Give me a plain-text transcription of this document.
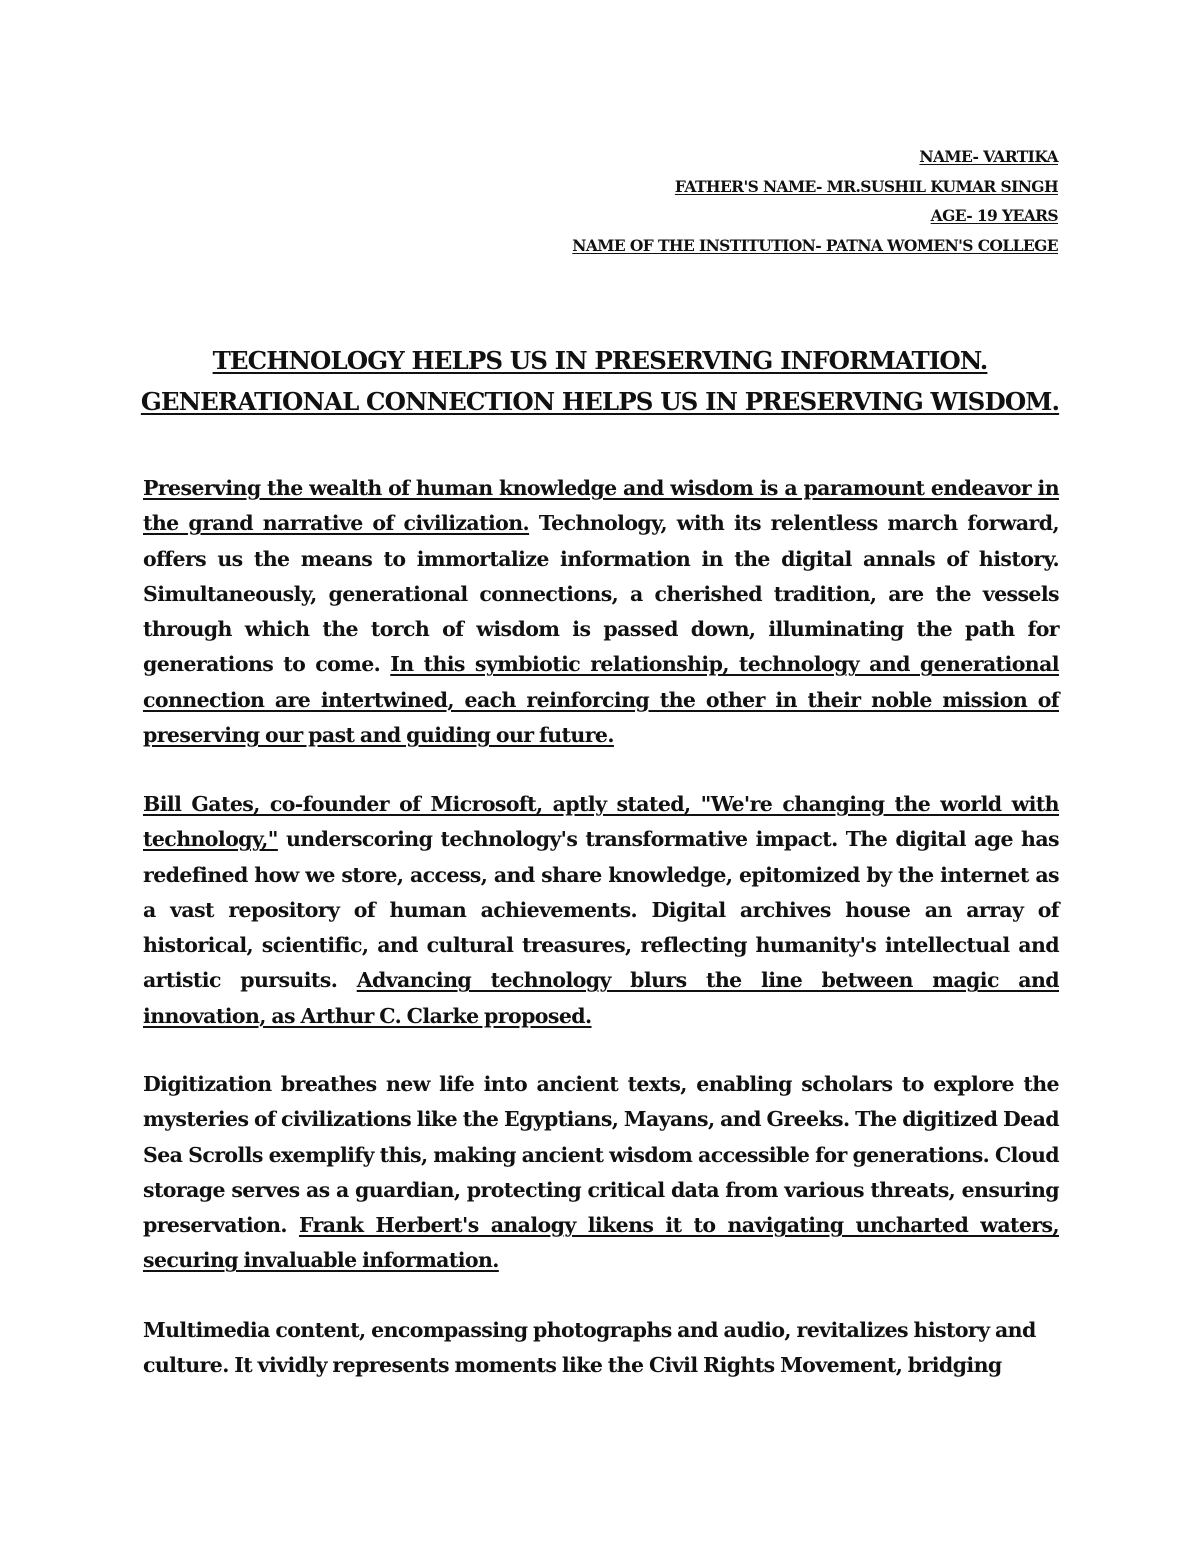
NAME- VARTIKA
FATHER'S NAME- MR.SUSHIL KUMAR SINGH
AGE- 19 YEARS
NAME OF THE INSTITUTION- PATNA WOMEN'S COLLEGE
TECHNOLOGY HELPS US IN PRESERVING INFORMATION.
GENERATIONAL CONNECTION HELPS US IN PRESERVING WISDOM.

Preserving the wealth of human knowledge and wisdom is a paramount endeavor in the grand narrative of civilization. Technology, with its relentless march forward, offers us the means to immortalize information in the digital annals of history. Simultaneously, generational connections, a cherished tradition, are the vessels through which the torch of wisdom is passed down, illuminating the path for generations to come. In this symbiotic relationship, technology and generational connection are intertwined, each reinforcing the other in their noble mission of preserving our past and guiding our future.

Bill Gates, co-founder of Microsoft, aptly stated, "We're changing the world with technology," underscoring technology's transformative impact. The digital age has redefined how we store, access, and share knowledge, epitomized by the internet as a vast repository of human achievements. Digital archives house an array of historical, scientific, and cultural treasures, reflecting humanity's intellectual and artistic pursuits. Advancing technology blurs the line between magic and innovation, as Arthur C. Clarke proposed.

Digitization breathes new life into ancient texts, enabling scholars to explore the mysteries of civilizations like the Egyptians, Mayans, and Greeks. The digitized Dead Sea Scrolls exemplify this, making ancient wisdom accessible for generations. Cloud storage serves as a guardian, protecting critical data from various threats, ensuring preservation. Frank Herbert's analogy likens it to navigating uncharted waters, securing invaluable information.

Multimedia content, encompassing photographs and audio, revitalizes history and culture. It vividly represents moments like the Civil Rights Movement, bridging
